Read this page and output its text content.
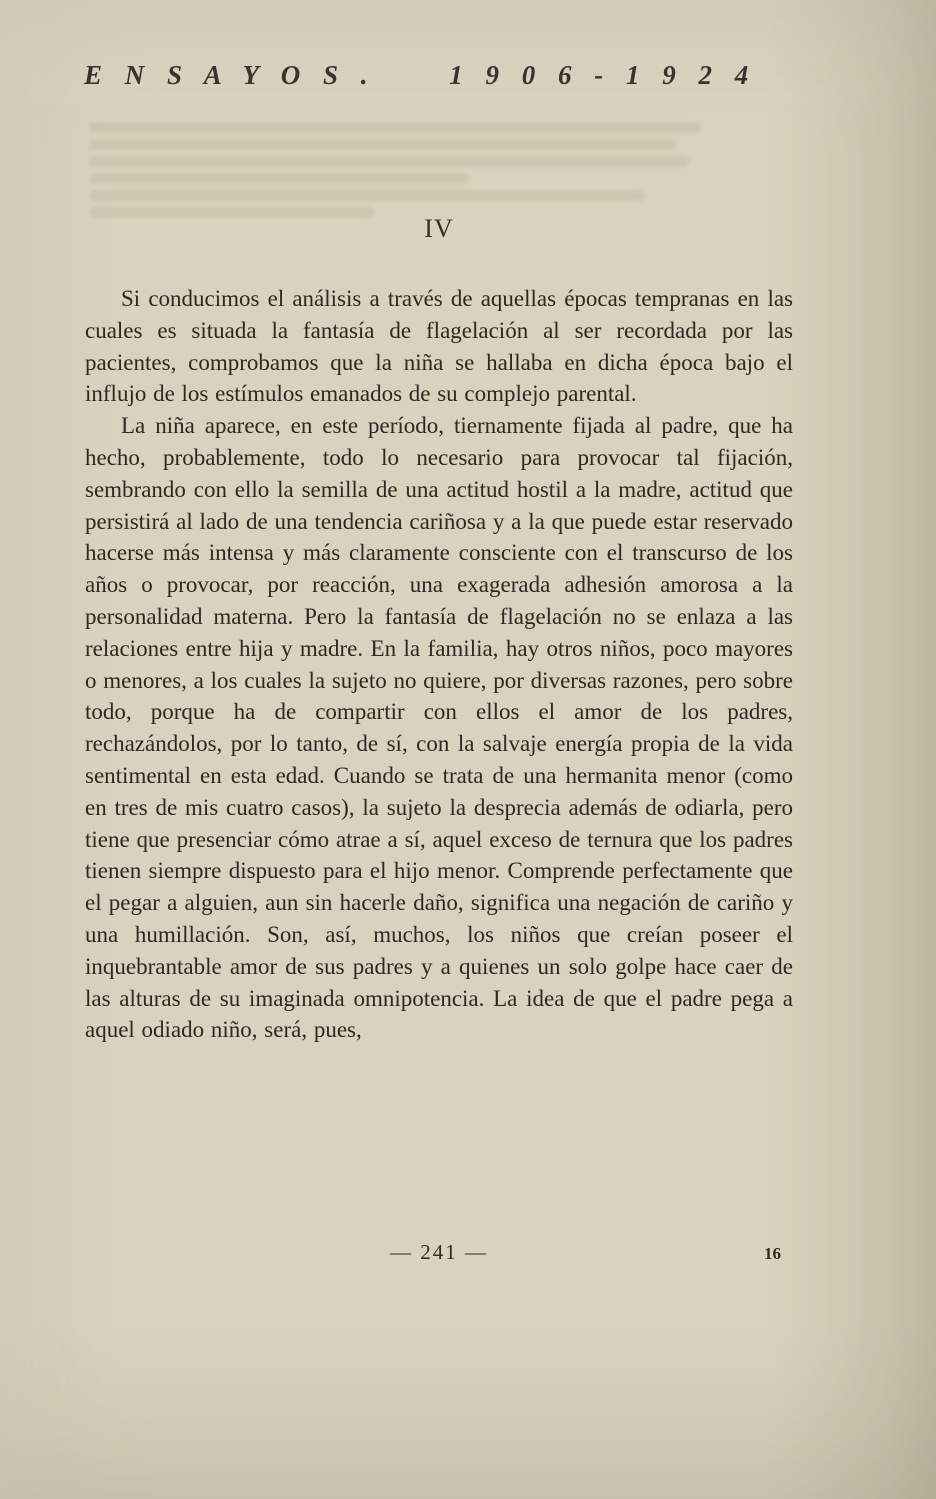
E N S A Y O S .     1 9 0 6 - 1 9 2 4
IV

Si conducimos el análisis a través de aquellas épocas tempranas en las cuales es situada la fantasía de flagelación al ser recordada por las pacientes, comprobamos que la niña se hallaba en dicha época bajo el influjo de los estímulos emanados de su complejo parental.

La niña aparece, en este período, tiernamente fijada al padre, que ha hecho, probablemente, todo lo necesario para provocar tal fijación, sembrando con ello la semilla de una actitud hostil a la madre, actitud que persistirá al lado de una tendencia cariñosa y a la que puede estar reservado hacerse más intensa y más claramente consciente con el transcurso de los años o provocar, por reacción, una exagerada adhesión amorosa a la personalidad materna. Pero la fantasía de flagelación no se enlaza a las relaciones entre hija y madre. En la familia, hay otros niños, poco mayores o menores, a los cuales la sujeto no quiere, por diversas razones, pero sobre todo, porque ha de compartir con ellos el amor de los padres, rechazándolos, por lo tanto, de sí, con la salvaje energía propia de la vida sentimental en esta edad. Cuando se trata de una hermanita menor (como en tres de mis cuatro casos), la sujeto la desprecia además de odiarla, pero tiene que presenciar cómo atrae a sí, aquel exceso de ternura que los padres tienen siempre dispuesto para el hijo menor. Comprende perfectamente que el pegar a alguien, aun sin hacerle daño, significa una negación de cariño y una humillación. Son, así, muchos, los niños que creían poseer el inquebrantable amor de sus padres y a quienes un solo golpe hace caer de las alturas de su imaginada omnipotencia. La idea de que el padre pega a aquel odiado niño, será, pues,

— 241 —	16
